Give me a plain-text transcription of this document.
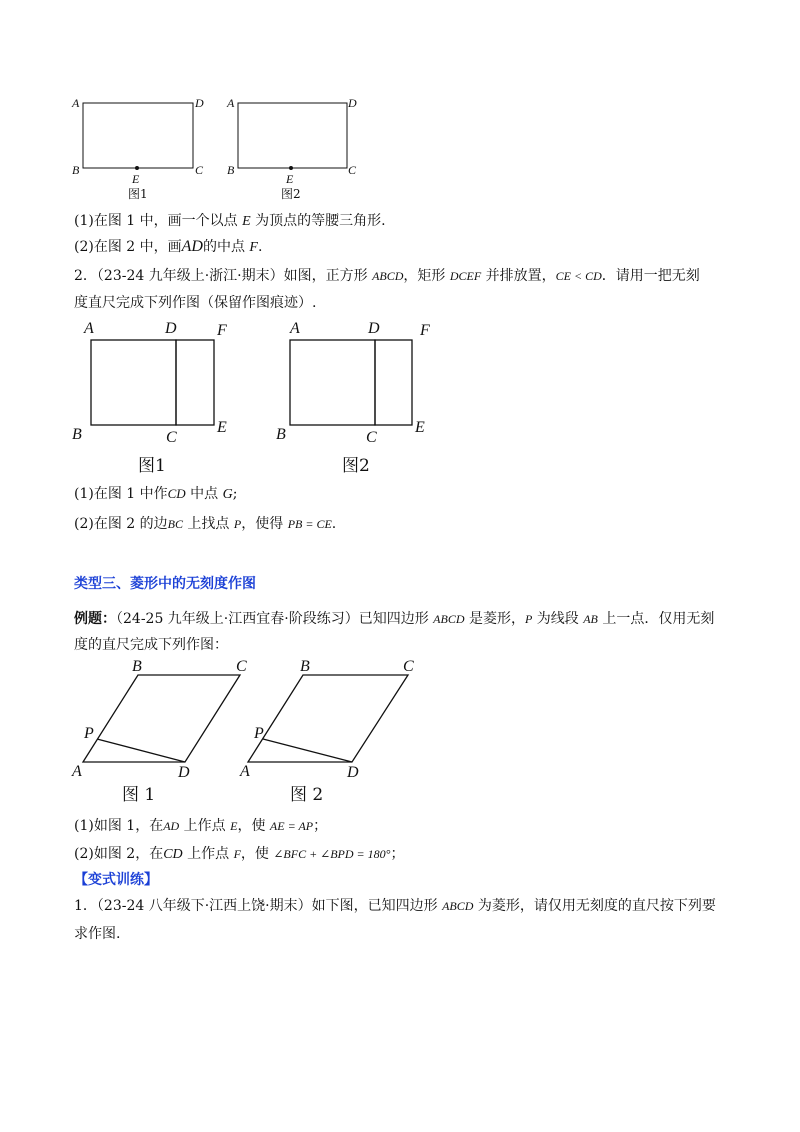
A	D
B	C
E
图1
A	D
B	C
E
图2
(1)在图 1 中，画一个以点 E 为顶点的等腰三角形.
(2)在图 2 中，画AD的中点 F.
2．（23-24 九年级上·浙江·期末）如图，正方形 ABCD，矩形 DCEF 并排放置，CE < CD．请用一把无刻
度直尺完成下列作图（保留作图痕迹）.
A	D	F
B	C
E
图1
A	D	F
B	C
E
图2
(1)在图 1 中作CD 中点 G;
(2)在图 2 的边BC 上找点 P，使得 PB = CE.
类型三、菱形中的无刻度作图
例题：（24-25 九年级上·江西宜春·阶段练习）已知四边形 ABCD 是菱形，P 为线段 AB 上一点．仅用无刻
度的直尺完成下列作图：
B	C
P
A	D
图 1
B	C
P
A	D
图 2
(1)如图 1，在AD 上作点 E，使 AE = AP；
(2)如图 2，在CD 上作点 F，使 ∠BFC + ∠BPD = 180°；
【变式训练】
1．（23-24 八年级下·江西上饶·期末）如下图，已知四边形 ABCD 为菱形，请仅用无刻度的直尺按下列要
求作图.
